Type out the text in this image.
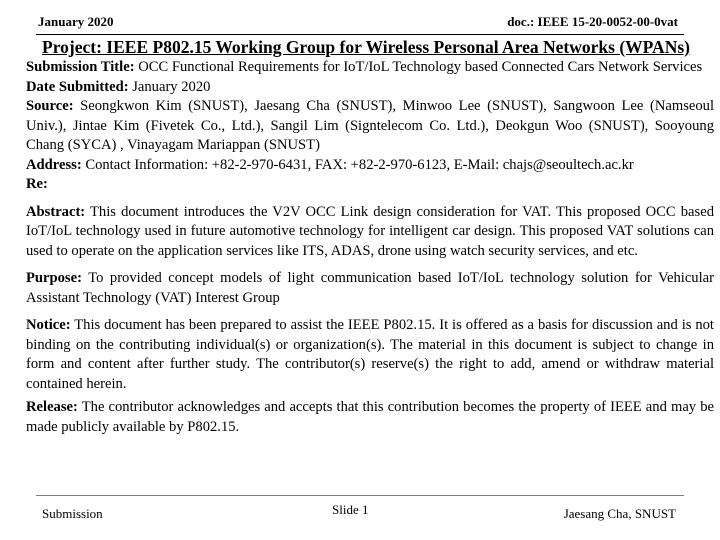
January 2020	doc.: IEEE 15-20-0052-00-0vat
Project: IEEE P802.15 Working Group for Wireless Personal Area Networks (WPANs)

Submission Title: OCC Functional Requirements for IoT/IoL Technology based Connected Cars Network Services

Date Submitted: January 2020

Source: Seongkwon Kim (SNUST), Jaesang Cha (SNUST), Minwoo Lee (SNUST), Sangwoon Lee (Namseoul Univ.), Jintae Kim (Fivetek Co., Ltd.), Sangil Lim (Signtelecom Co. Ltd.), Deokgun Woo (SNUST), Sooyoung Chang (SYCA) , Vinayagam Mariappan (SNUST)

Address: Contact Information: +82-2-970-6431, FAX: +82-2-970-6123, E-Mail: chajs@seoultech.ac.kr

Re:

Abstract: This document introduces the V2V OCC Link design consideration for VAT. This proposed OCC based IoT/IoL technology used in future automotive technology for intelligent car design. This proposed VAT solutions can used to operate on the application services like ITS, ADAS, drone using watch security services, and etc.

Purpose: To provided concept models of light communication based IoT/IoL technology solution for Vehicular Assistant Technology (VAT) Interest Group

Notice: This document has been prepared to assist the IEEE P802.15. It is offered as a basis for discussion and is not binding on the contributing individual(s) or organization(s). The material in this document is subject to change in form and content after further study. The contributor(s) reserve(s) the right to add, amend or withdraw material contained herein.

Release: The contributor acknowledges and accepts that this contribution becomes the property of IEEE and may be made publicly available by P802.15.

Submission	Slide 1	Jaesang Cha, SNUST
